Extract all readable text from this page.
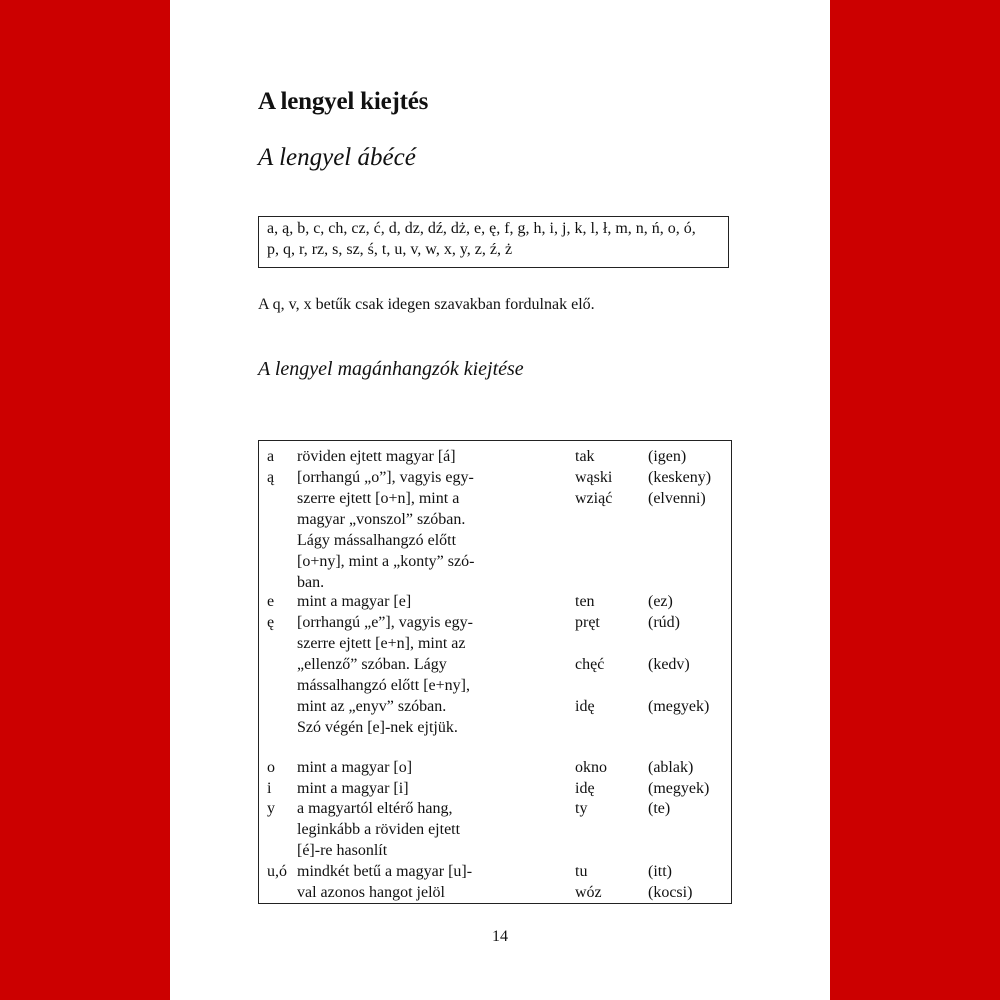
A lengyel kiejtés
A lengyel ábécé
a, ą, b, c, ch, cz, ć, d, dz, dź, dż, e, ę, f, g, h, i, j, k, l, ł, m, n, ń, o, ó,
p, q, r, rz, s, sz, ś, t, u, v, w, x, y, z, ź, ż
A q, v, x betűk csak idegen szavakban fordulnak elő.
A lengyel magánhangzók kiejtése
a röviden ejtett magyar [á]	tak	(igen)
ą [orrhangú „o”], vagyis egy-	wąski (keskeny)
szerre ejtett [o+n], mint a	wziąć (elvenni)
magyar „vonszol” szóban.
Lágy mássalhangzó előtt
[o+ny], mint a „konty” szó-
ban.
e mint a magyar [e]	ten	(ez)
ę [orrhangú „e”], vagyis egy-	pręt	(rúd)
szerre ejtett [e+n], mint az
„ellenző” szóban. Lágy	chęć	(kedv)
mássalhangzó előtt [e+ny],
mint az „enyv” szóban.	idę	(megyek)
Szó végén [e]-nek ejtjük.
o mint a magyar [o]	okno	(ablak)
i mint a magyar [i]	idę	(megyek)
y a magyartól eltérő hang,	ty	(te)
leginkább a röviden ejtett
[é]-re hasonlít
u,ó mindkét betű a magyar [u]-	tu	(itt)
val azonos hangot jelöl	wóz	(kocsi)
14
